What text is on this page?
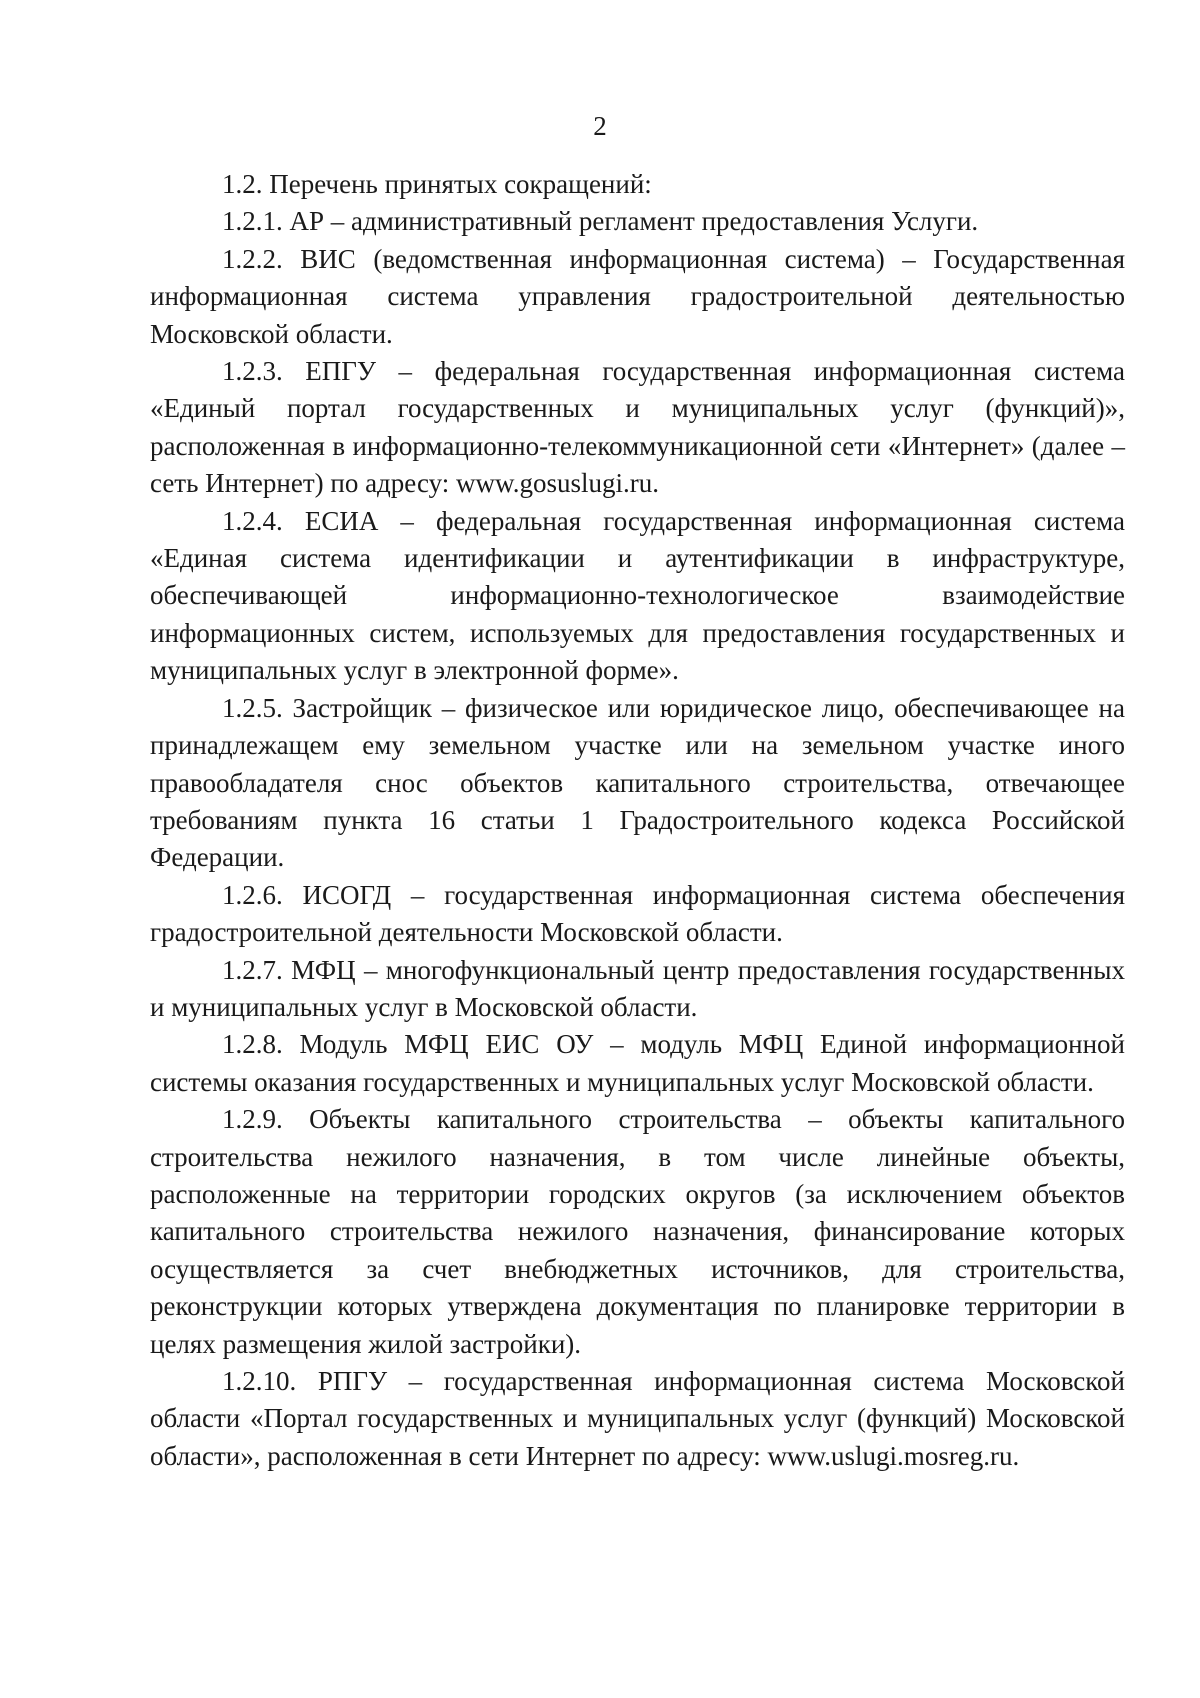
2

1.2. Перечень принятых сокращений:

1.2.1. АР – административный регламент предоставления Услуги.

1.2.2. ВИС (ведомственная информационная система) – Государственная информационная система управления градостроительной деятельностью Московской области.

1.2.3. ЕПГУ – федеральная государственная информационная система «Единый портал государственных и муниципальных услуг (функций)», расположенная в информационно-телекоммуникационной сети «Интернет» (далее – сеть Интернет) по адресу: www.gosuslugi.ru.

1.2.4. ЕСИА – федеральная государственная информационная система «Единая система идентификации и аутентификации в инфраструктуре, обеспечивающей информационно-технологическое взаимодействие информационных систем, используемых для предоставления государственных и муниципальных услуг в электронной форме».

1.2.5. Застройщик – физическое или юридическое лицо, обеспечивающее на принадлежащем ему земельном участке или на земельном участке иного правообладателя снос объектов капитального строительства, отвечающее требованиям пункта 16 статьи 1 Градостроительного кодекса Российской Федерации.

1.2.6. ИСОГД – государственная информационная система обеспечения градостроительной деятельности Московской области.

1.2.7. МФЦ – многофункциональный центр предоставления государственных и муниципальных услуг в Московской области.

1.2.8. Модуль МФЦ ЕИС ОУ – модуль МФЦ Единой информационной системы оказания государственных и муниципальных услуг Московской области.

1.2.9. Объекты капитального строительства – объекты капитального строительства нежилого назначения, в том числе линейные объекты, расположенные на территории городских округов (за исключением объектов капитального строительства нежилого назначения, финансирование которых осуществляется за счет внебюджетных источников, для строительства, реконструкции которых утверждена документация по планировке территории в целях размещения жилой застройки).

1.2.10. РПГУ – государственная информационная система Московской области «Портал государственных и муниципальных услуг (функций) Московской области», расположенная в сети Интернет по адресу: www.uslugi.mosreg.ru.
